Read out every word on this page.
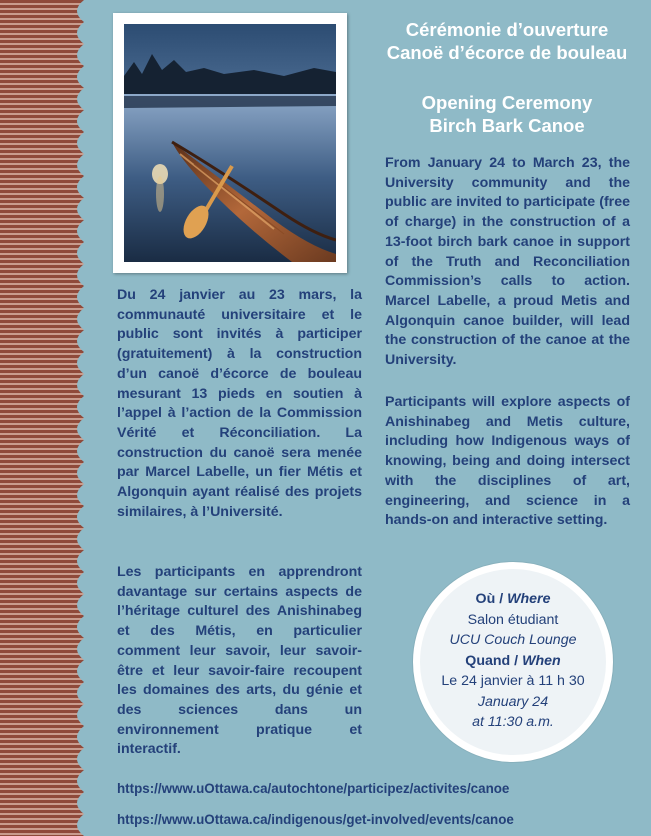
Cérémonie d’ouverture
Canoë d’écorce de bouleau

Opening Ceremony
Birch Bark Canoe

From January 24 to March 23, the University community and the public are invited to participate (free of charge) in the construction of a 13-foot birch bark canoe in support of the Truth and Reconciliation Commission’s calls to action. Marcel Labelle, a proud Metis and Algonquin canoe builder, will lead the construction of the canoe at the University.

Participants will explore aspects of Anishinabeg and Metis culture, including how Indigenous ways of knowing, being and doing intersect with the disciplines of art, engineering, and science in a hands-on and interactive setting.

Du 24 janvier au 23 mars, la communauté universitaire et le public sont invités à participer (gratuitement) à la construction d’un canoë d’écorce de bouleau mesurant 13 pieds en soutien à l’appel à l’action de la Commission Vérité et Réconciliation. La construction du canoë sera menée par Marcel Labelle, un fier Métis et Algonquin ayant réalisé des projets similaires, à l’Université.

Les participants en apprendront davantage sur certains aspects de l’héritage culturel des Anishinabeg et des Métis, en particulier comment leur savoir, leur savoir-être et leur savoir-faire recoupent les domaines des arts, du génie et des sciences dans un environnement pratique et interactif.

Où / Where
Salon étudiant
UCU Couch Lounge
Quand / When
Le 24 janvier à 11 h 30
January 24
at 11:30 a.m.
https://www.uOttawa.ca/autochtone/participez/activites/canoe
https://www.uOttawa.ca/indigenous/get-involved/events/canoe
